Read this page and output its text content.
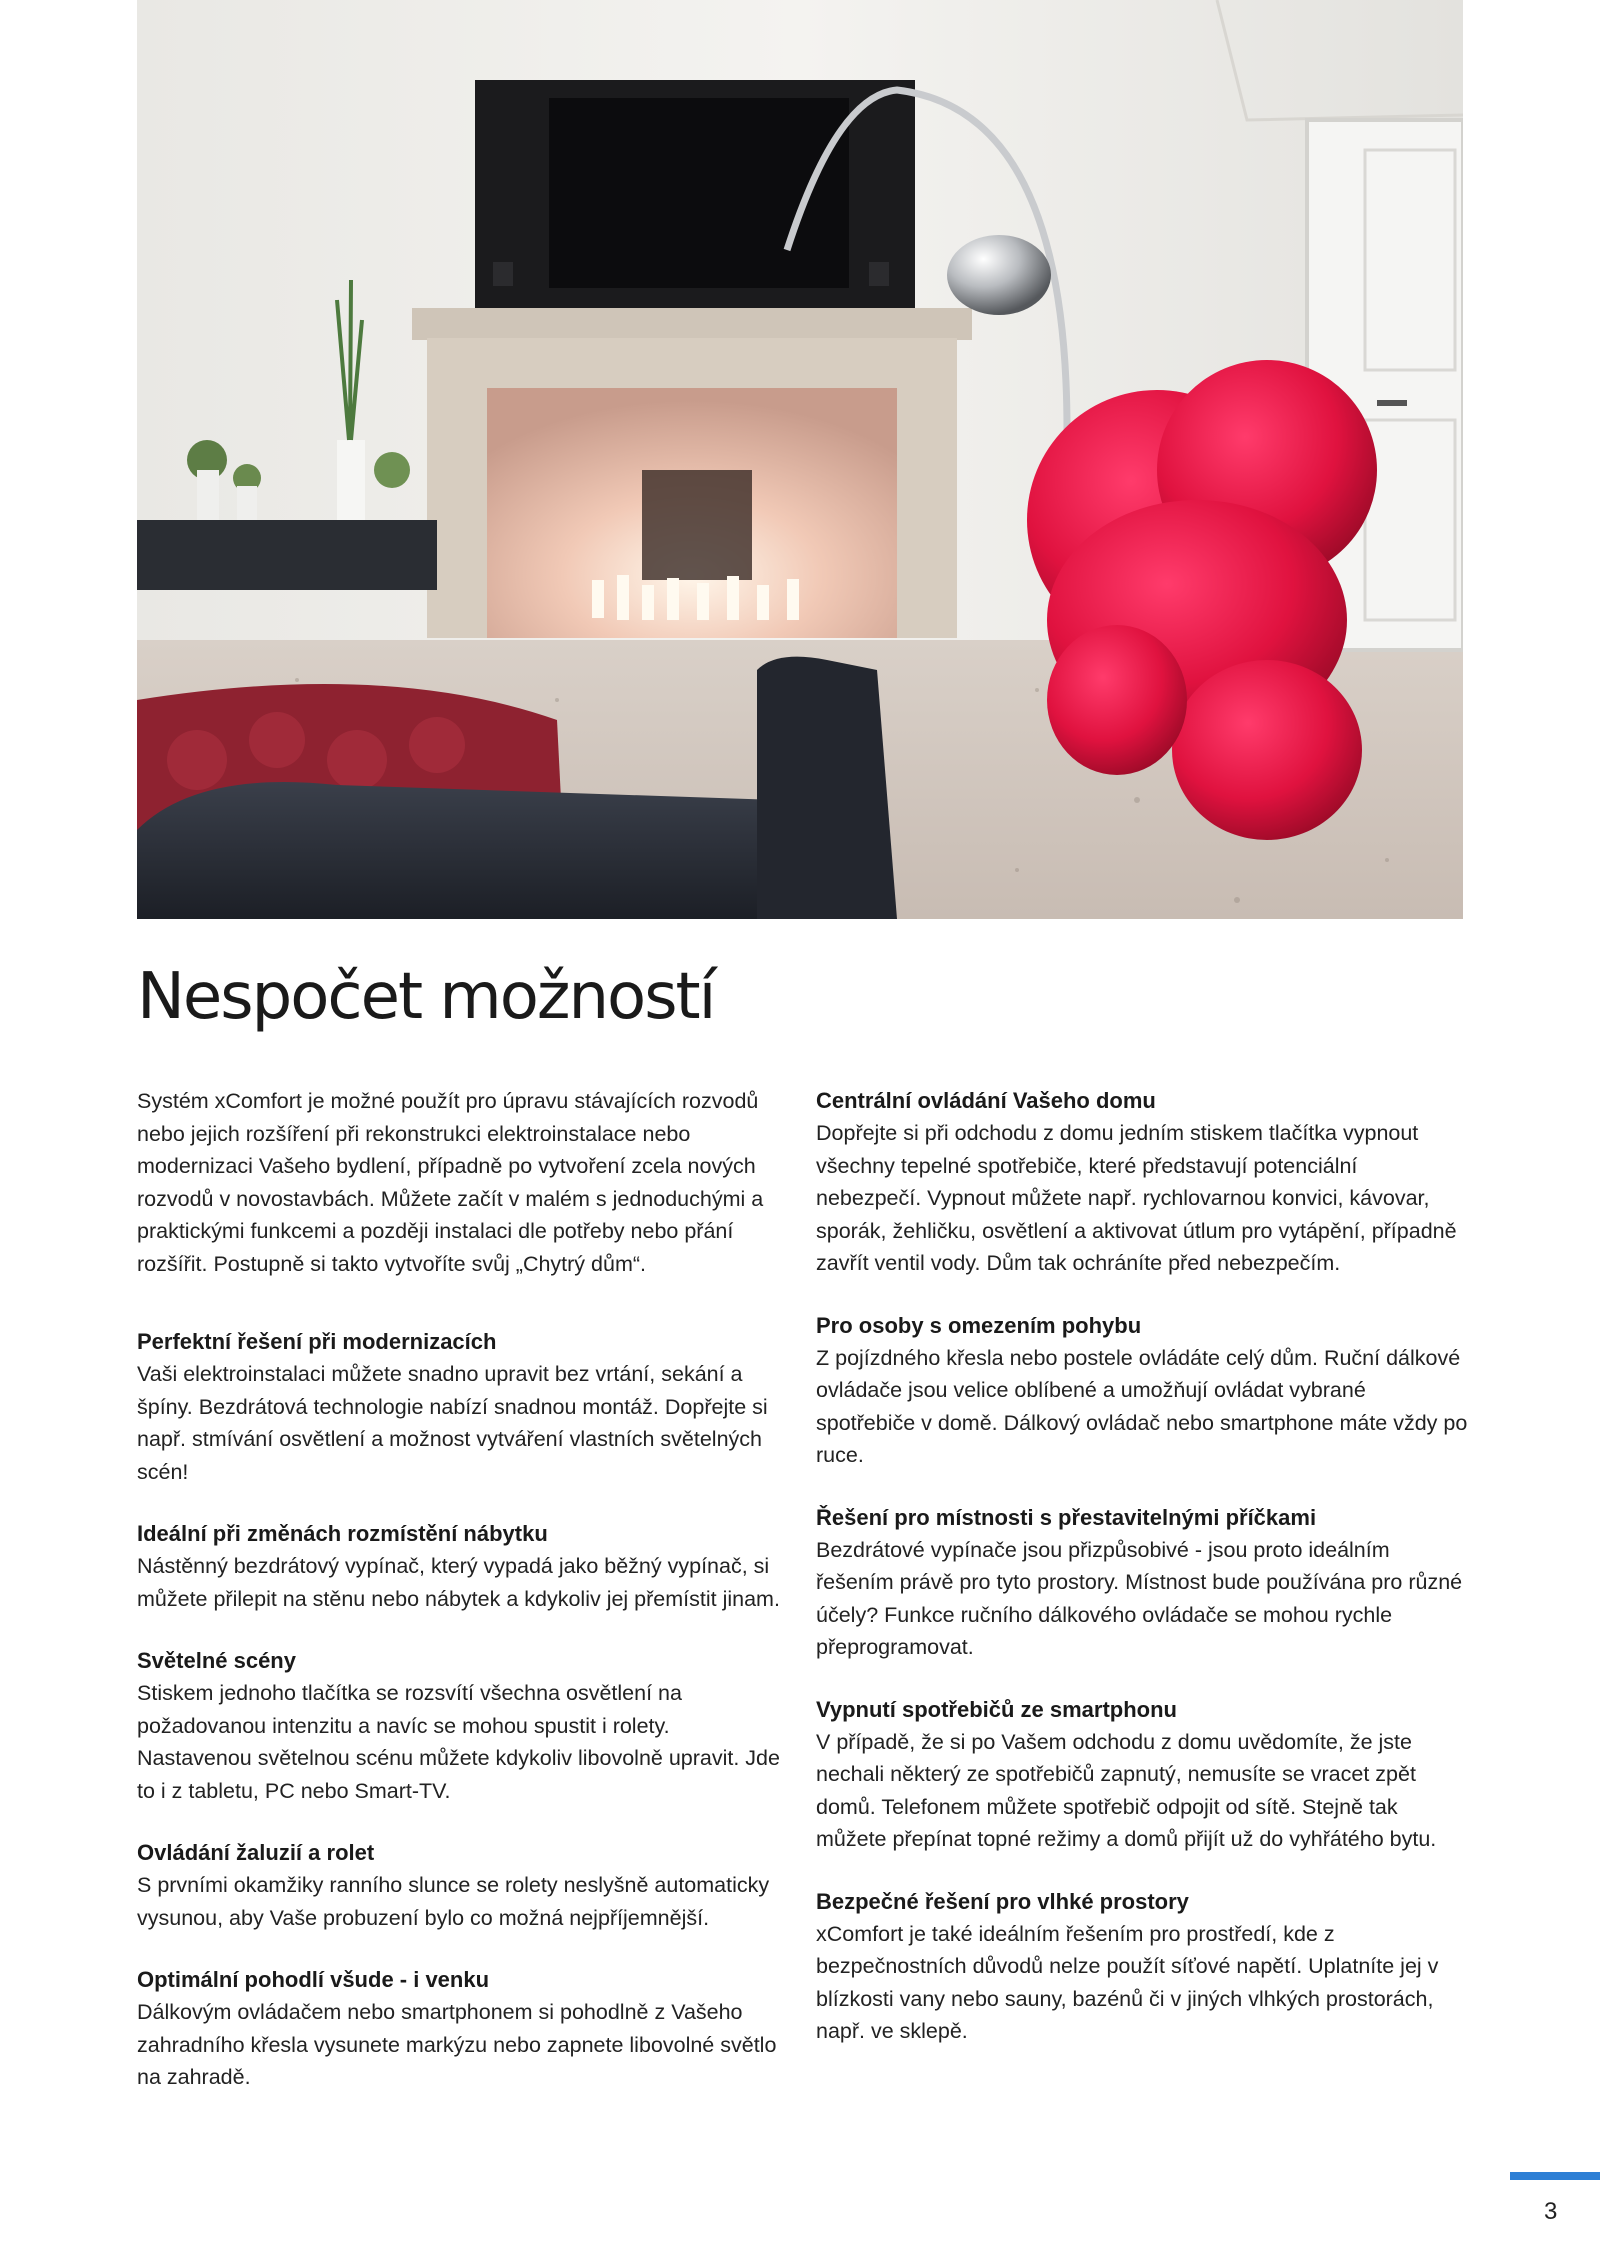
Nespočet možností

Systém xComfort je možné použít pro úpravu stávajících rozvodů nebo jejich rozšíření při rekonstrukci elektroinstalace nebo modernizaci Vašeho bydlení, případně po vytvoření zcela nových rozvodů v novostavbách. Můžete začít v malém s jednoduchými a praktickými funkcemi a později instalaci dle potřeby nebo přání rozšířit. Postupně si takto vytvoříte svůj „Chytrý dům“.

Perfektní řešení při modernizacích

Vaši elektroinstalaci můžete snadno upravit bez vrtání, sekání a špíny. Bezdrátová technologie nabízí snadnou montáž. Dopřejte si např. stmívání osvětlení a možnost vytváření vlastních světelných scén!

Ideální při změnách rozmístění nábytku

Nástěnný bezdrátový vypínač, který vypadá jako běžný vypínač, si můžete přilepit na stěnu nebo nábytek a kdykoliv jej přemístit jinam.

Světelné scény

Stiskem jednoho tlačítka se rozsvítí všechna osvětlení na požadovanou intenzitu a navíc se mohou spustit i rolety. Nastavenou světelnou scénu můžete kdykoliv libovolně upravit. Jde to i z tabletu, PC nebo Smart-TV.

Ovládání žaluzií a rolet

S prvními okamžiky ranního slunce se rolety neslyšně automaticky vysunou, aby Vaše probuzení bylo co možná nejpříjemnější.

Optimální pohodlí všude - i venku

Dálkovým ovládačem nebo smartphonem si pohodlně z Vašeho zahradního křesla vysunete markýzu nebo zapnete libovolné světlo na zahradě.

Centrální ovládání Vašeho domu

Dopřejte si při odchodu z domu jedním stiskem tlačítka vypnout všechny tepelné spotřebiče, které představují potenciální nebezpečí. Vypnout můžete např. rychlovarnou konvici, kávovar, sporák, žehličku, osvětlení a aktivovat útlum pro vytápění, případně zavřít ventil vody. Dům tak ochráníte před nebezpečím.

Pro osoby s omezením pohybu

Z pojízdného křesla nebo postele ovládáte celý dům. Ruční dálkové ovládače jsou velice oblíbené a umožňují ovládat vybrané spotřebiče v domě. Dálkový ovládač nebo smartphone máte vždy po ruce.

Řešení pro místnosti s přestavitelnými příčkami

Bezdrátové vypínače jsou přizpůsobivé - jsou proto ideálním řešením právě pro tyto prostory. Místnost bude používána pro různé účely? Funkce ručního dálkového ovládače se mohou rychle přeprogramovat.

Vypnutí spotřebičů ze smartphonu

V případě, že si po Vašem odchodu z domu uvědomíte, že jste nechali některý ze spotřebičů zapnutý, nemusíte se vracet zpět domů. Telefonem můžete spotřebič odpojit od sítě. Stejně tak můžete přepínat topné režimy a domů přijít už do vyhřátého bytu.

Bezpečné řešení pro vlhké prostory

xComfort je také ideálním řešením pro prostředí, kde z bezpečnostních důvodů nelze použít síťové napětí. Uplatníte jej v blízkosti vany nebo sauny, bazénů či v jiných vlhkých prostorách, např. ve sklepě.

3
